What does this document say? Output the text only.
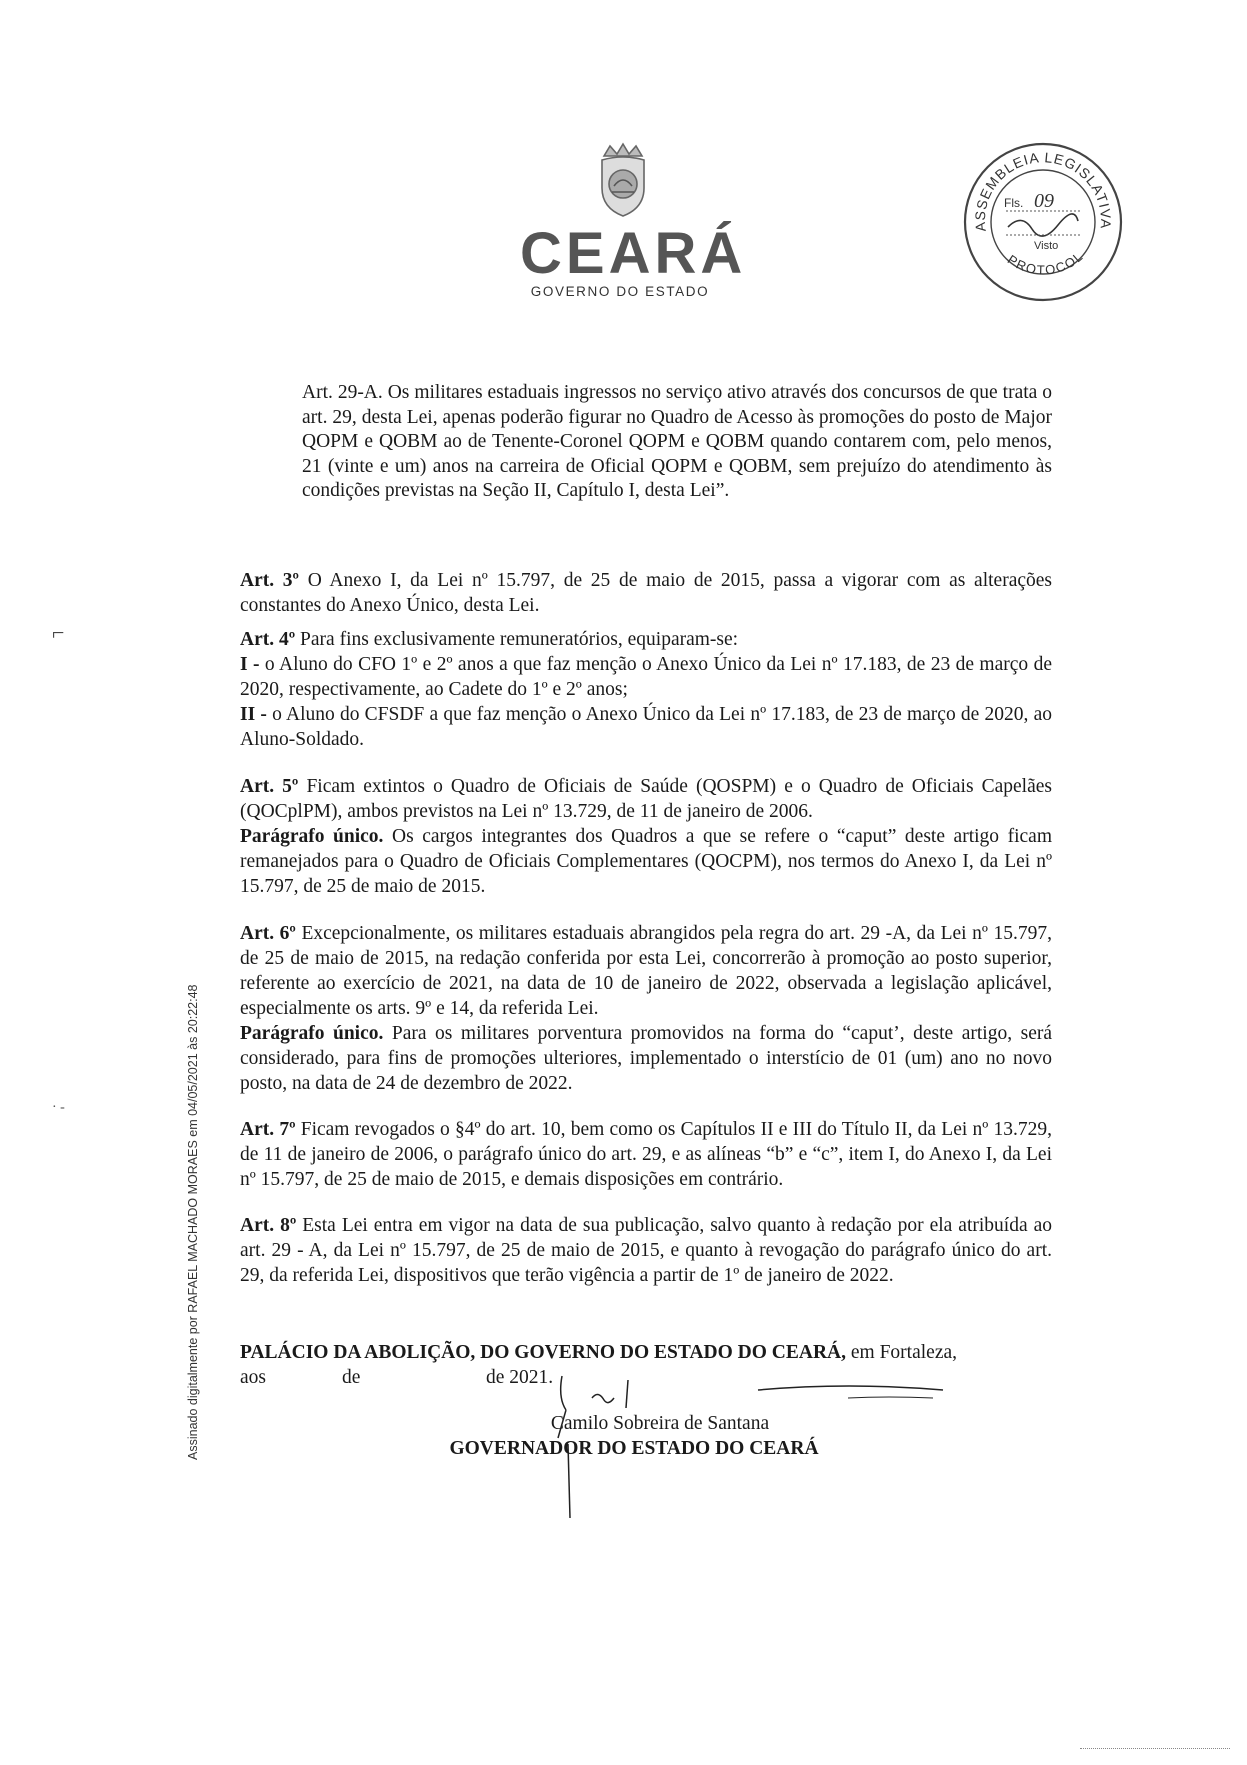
CEARÁ
GOVERNO DO ESTADO
ASSEMBLEIA LEGISLATIVA
PROTOCOL
Fls. 09
Visto
Assinado digitalmente por RAFAEL MACHADO MORAES em 04/05/2021 às 20:22:48
⌐
· -

Art. 29-A. Os militares estaduais ingressos no serviço ativo através dos concursos de que trata o art. 29, desta Lei, apenas poderão figurar no Quadro de Acesso às promoções do posto de Major QOPM e QOBM ao de Tenente-Coronel QOPM e QOBM quando contarem com, pelo menos, 21 (vinte e um) anos na carreira de Oficial QOPM e QOBM, sem prejuízo do atendimento às condições previstas na Seção II, Capítulo I, desta Lei”.

Art. 3º O Anexo I, da Lei nº 15.797, de 25 de maio de 2015, passa a vigorar com as alterações constantes do Anexo Único, desta Lei.

Art. 4º Para fins exclusivamente remuneratórios, equiparam-se:

I - o Aluno do CFO 1º e 2º anos a que faz menção o Anexo Único da Lei nº 17.183, de 23 de março de 2020, respectivamente, ao Cadete do 1º e 2º anos;

II - o Aluno do CFSDF a que faz menção o Anexo Único da Lei nº 17.183, de 23 de março de 2020, ao Aluno-Soldado.

Art. 5º Ficam extintos o Quadro de Oficiais de Saúde (QOSPM) e o Quadro de Oficiais Capelães (QOCplPM), ambos previstos na Lei nº 13.729, de 11 de janeiro de 2006.

Parágrafo único. Os cargos integrantes dos Quadros a que se refere o “caput” deste artigo ficam remanejados para o Quadro de Oficiais Complementares (QOCPM), nos termos do Anexo I, da Lei nº 15.797, de 25 de maio de 2015.

Art. 6º Excepcionalmente, os militares estaduais abrangidos pela regra do art. 29 -A, da Lei nº 15.797, de 25 de maio de 2015, na redação conferida por esta Lei, concorrerão à promoção ao posto superior, referente ao exercício de 2021, na data de 10 de janeiro de 2022, observada a legislação aplicável, especialmente os arts. 9º e 14, da referida Lei.

Parágrafo único. Para os militares porventura promovidos na forma do “caput’, deste artigo, será considerado, para fins de promoções ulteriores, implementado o interstício de 01 (um) ano no novo posto, na data de 24 de dezembro de 2022.

Art. 7º Ficam revogados o §4º do art. 10, bem como os Capítulos II e III do Título II, da Lei nº 13.729, de 11 de janeiro de 2006, o parágrafo único do art. 29, e as alíneas “b” e “c”, item I, do Anexo I, da Lei nº 15.797, de 25 de maio de 2015, e demais disposições em contrário.

Art. 8º Esta Lei entra em vigor na data de sua publicação, salvo quanto à redação por ela atribuída ao art. 29 - A, da Lei nº 15.797, de 25 de maio de 2015, e quanto à revogação do parágrafo único do art. 29, da referida Lei, dispositivos que terão vigência a partir de 1º de janeiro de 2022.

PALÁCIO DA ABOLIÇÃO, DO GOVERNO DO ESTADO DO CEARÁ, em Fortaleza,
aos	de	de 2021.
Camilo Sobreira de Santana
GOVERNADOR DO ESTADO DO CEARÁ
